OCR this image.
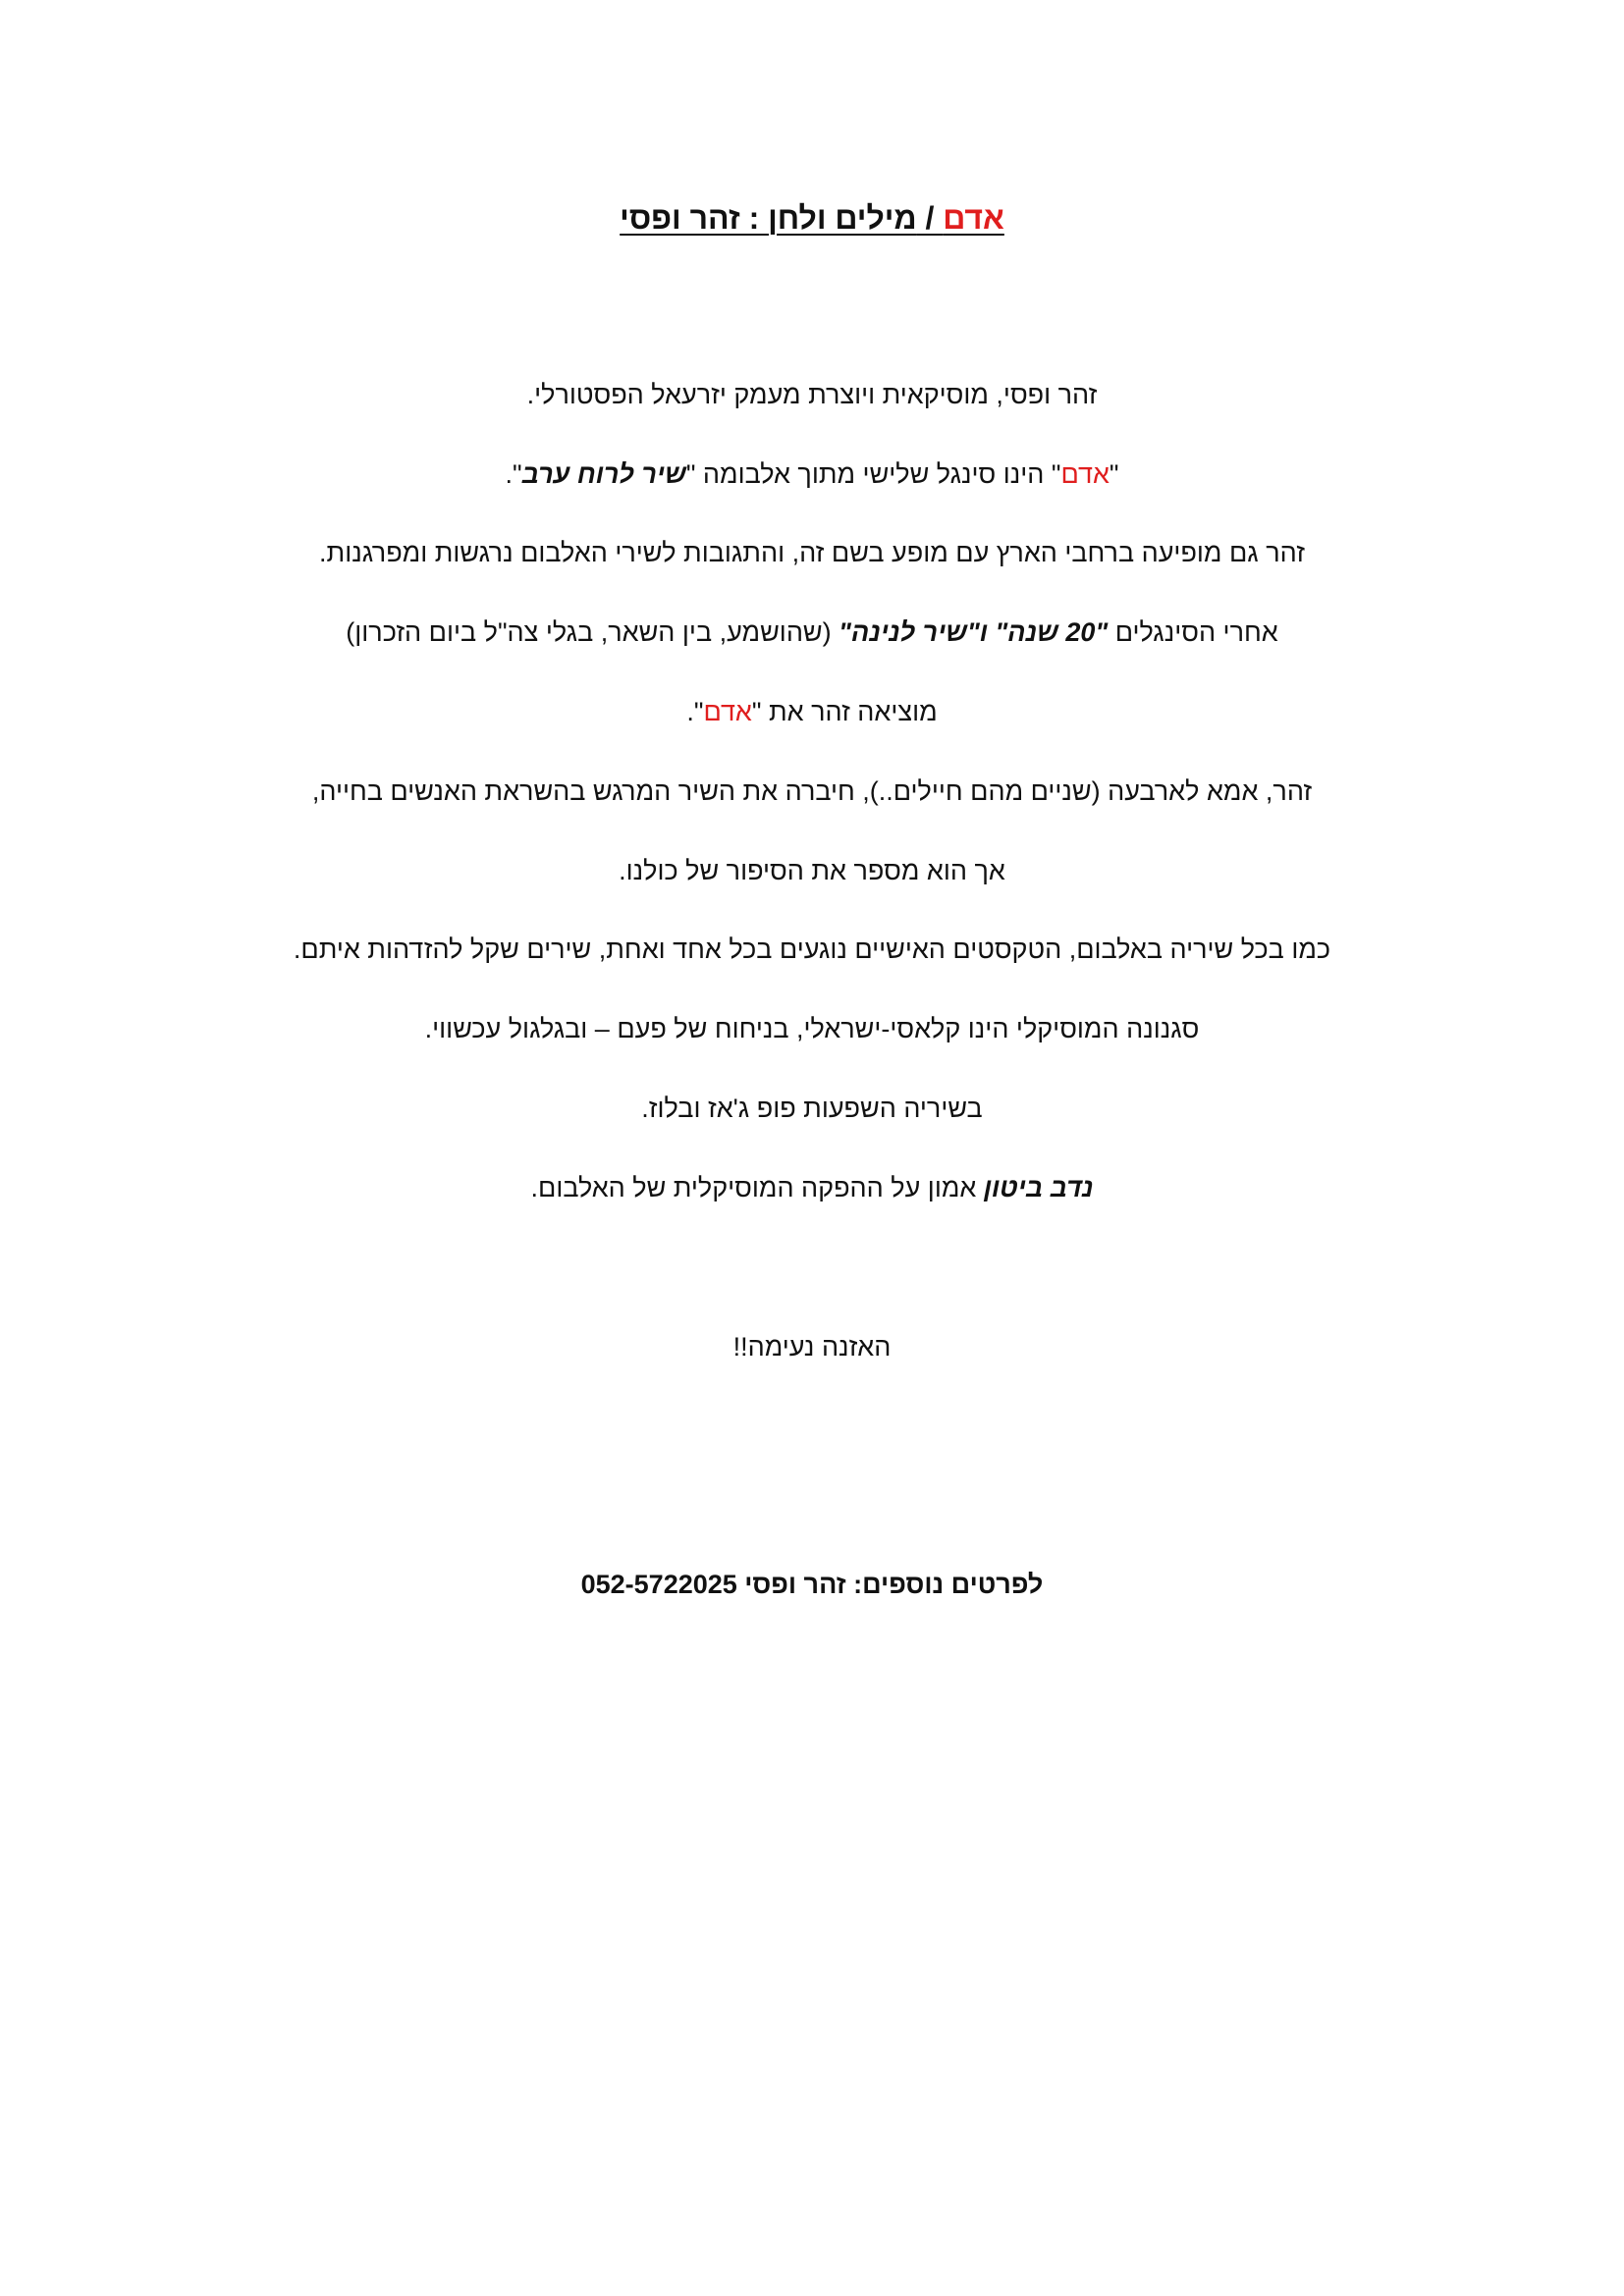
אדם / מילים ולחן : זהר ופסי
זהר ופסי, מוסיקאית ויוצרת מעמק יזרעאל הפסטורלי.
"אדם" הינו סינגל שלישי מתוך אלבומה "שיר לרוח ערב".
זהר גם מופיעה ברחבי הארץ עם מופע בשם זה, והתגובות לשירי האלבום נרגשות ומפרגנות.
אחרי הסינגלים "20 שנה" ו"שיר לנינה" (שהושמע, בין השאר, בגלי צה"ל ביום הזכרון)
מוציאה זהר את "אדם".
זהר, אמא לארבעה (שניים מהם חיילים..), חיברה את השיר המרגש בהשראת האנשים בחייה,
אך הוא מספר את הסיפור של כולנו.
כמו בכל שיריה באלבום, הטקסטים האישיים נוגעים בכל אחד ואחת, שירים שקל להזדהות איתם.
סגנונה המוסיקלי הינו קלאסי-ישראלי, בניחוח של פעם – ובגלגול עכשווי.
בשיריה השפעות פופ ג'אז ובלוז.
נדב ביטון אמון על ההפקה המוסיקלית של האלבום.
האזנה נעימה!!
לפרטים נוספים: זהר ופסי 052-5722025
